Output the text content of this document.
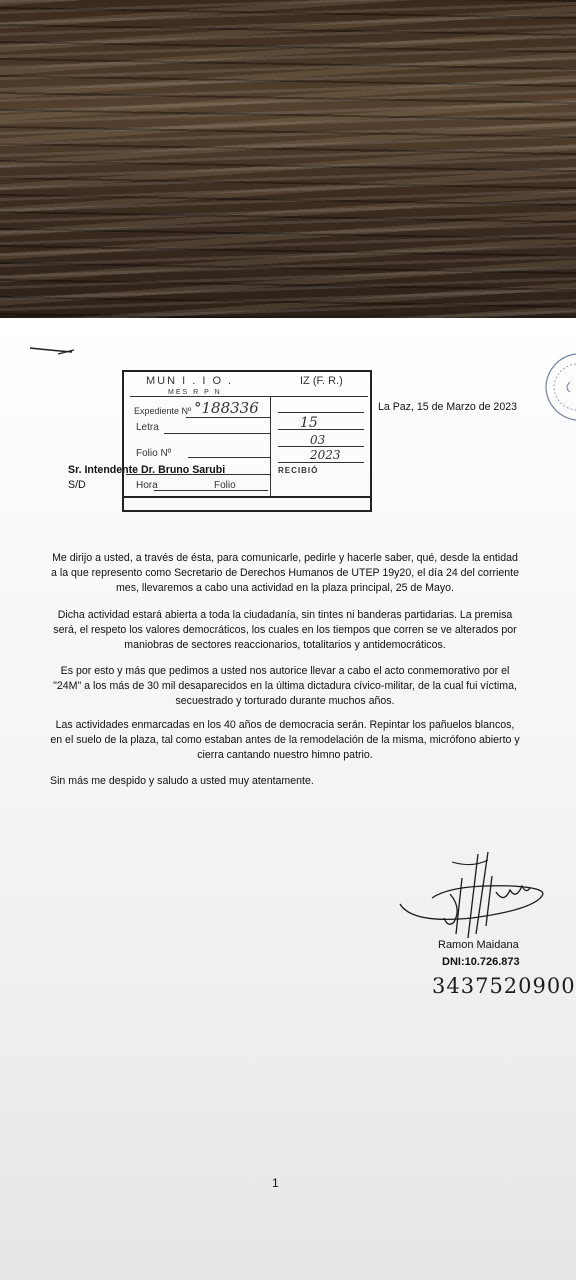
MUN I . I O .	IZ (F. R.)
MES R P N
Expediente Nº °188336
Letra	15
03
Folio Nº	2023
RECIBIÓ
Hora	Folio
La Paz, 15 de Marzo de 2023
Sr. Intendente Dr. Bruno Sarubi
S/D
Me dirijo a usted, a través de ésta, para comunicarle, pedirle y hacerle saber, qué, desde la entidad a la que represento como Secretario de Derechos Humanos de UTEP 19y20, el día 24 del corriente mes, llevaremos a cabo una actividad en la plaza principal, 25 de Mayo.
Dicha actividad estará abierta a toda la ciudadanía, sin tintes ni banderas partidarias. La premisa será, el respeto los valores democráticos, los cuales en los tiempos que corren se ve alterados por maniobras de sectores reaccionarios, totalitarios y antidemocráticos.
Es por esto y más que pedimos a usted nos autorice llevar a cabo el acto conmemorativo por el "24M" a los más de 30 mil desaparecidos en la última dictadura cívico-militar, de la cual fui víctima, secuestrado y torturado durante muchos años.
Las actividades enmarcadas en los 40 años de democracia serán. Repintar los pañuelos blancos, en el suelo de la plaza, tal como estaban antes de la remodelación de la misma, micrófono abierto y cierra cantando nuestro himno patrio.
Sin más me despido y saludo a usted muy atentamente.
Ramon Maidana
DNI:10.726.873
3437520900
1
